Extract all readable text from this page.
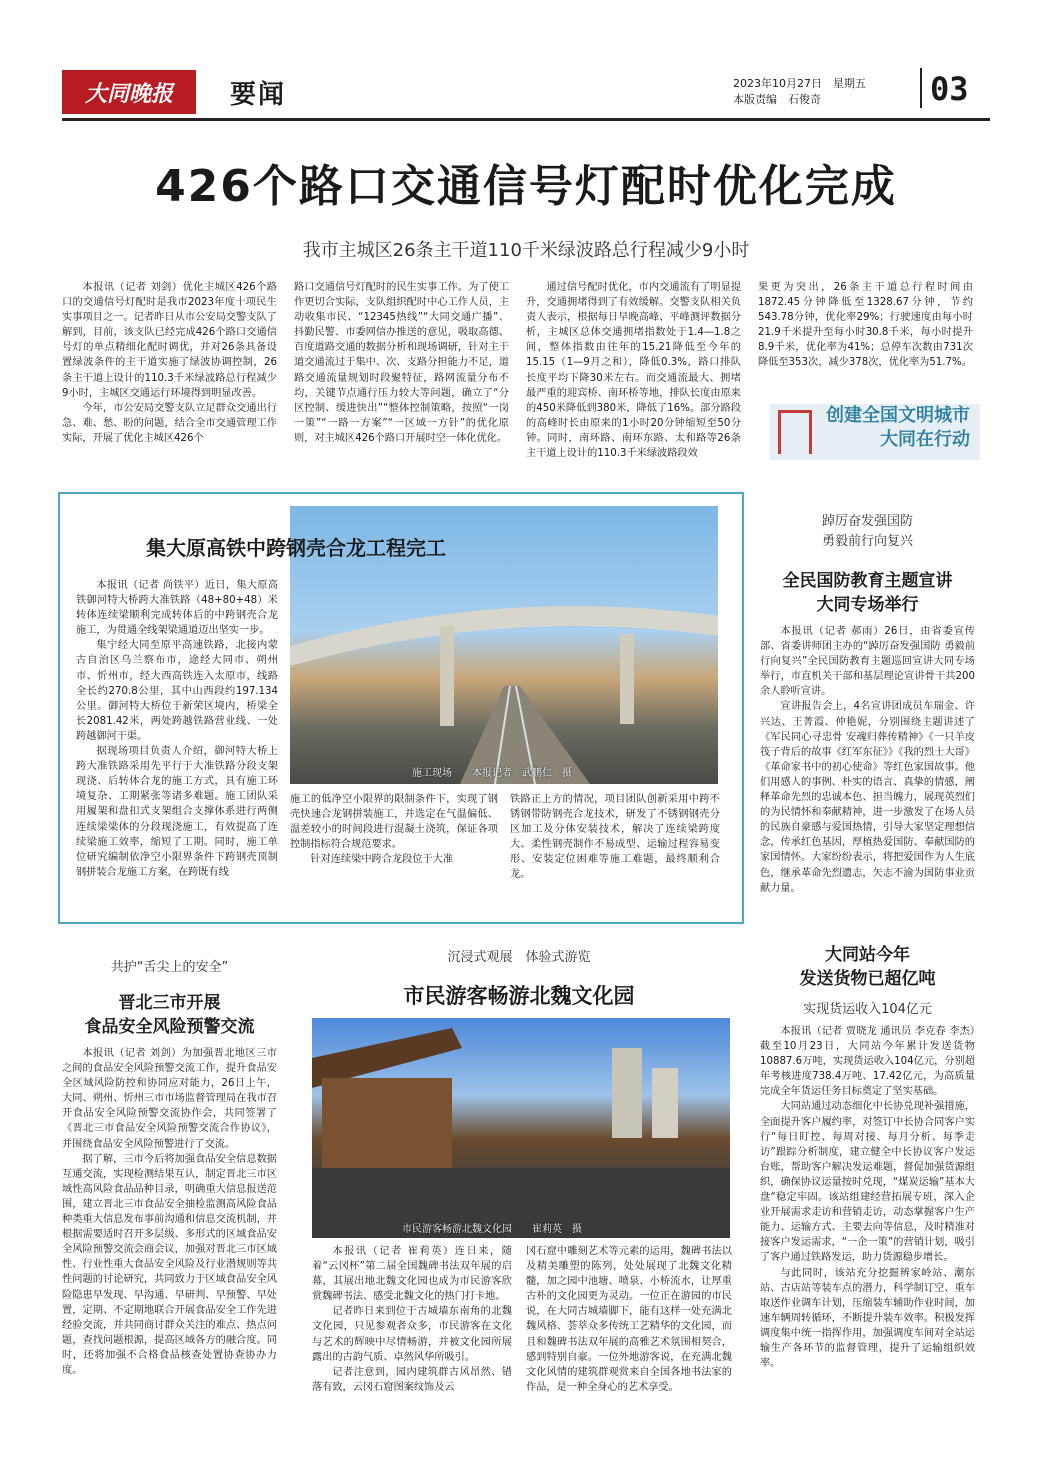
大同晚报 要闻	2023年10月27日　星期五
本版责编　石俊奇	03
426个路口交通信号灯配时优化完成
我市主城区26条主干道110千米绿波路总行程减少9小时

本报讯（记者 刘剑）优化主城区426个路口的交通信号灯配时是我市2023年度十项民生实事项目之一。记者昨日从市公安局交警支队了解到，目前，该支队已经完成426个路口交通信号灯的单点精细化配时调优，并对26条具备设置绿波条件的主干道实施了绿波协调控制，26条主干道上设计的110.3千米绿波路总行程减少9小时，主城区交通运行环境得到明显改善。

今年，市公安局交警支队立足群众交通出行急、难、愁、盼的问题，结合全市交通管理工作实际，开展了优化主城区426个

路口交通信号灯配时的民生实事工作。为了使工作更切合实际，支队组织配时中心工作人员，主动收集市民、“12345热线”“大同交通广播”、抖勤民警、市委网信办推送的意见，吸取高德、百度道路交通的数据分析和现场调研，针对主干道交通流过于集中、次、支路分担能力不足，道路交通流量规划时段聚特征，路网流量分布不均，关键节点通行压力较大等问题，确立了“分区控制、缓进快出”“整体控制策略，按照“一岗一策”“一路一方案”“一区域一方针”的优化原则，对主城区426个路口开展时空一体化优化。

通过信号配时优化，市内交通流有了明显提升，交通拥堵得到了有效缓解。交警支队相关负责人表示，根据每日早晚高峰、平峰测评数据分析，主城区总体交通拥堵指数处于1.4—1.8之间，整体指数由往年的15.21降低至今年的15.15（1—9月之和），降低0.3%，路口排队长度平均下降30米左右。而交通流最大、拥堵最严重的迎宾桥、南环桥等地，排队长度由原来的450米降低到380米，降低了16%。部分路段的高峰时长由原来的1小时20分钟缩短至50分钟。同时，南环路、南环东路、太和路等26条主干道上设计的110.3千米绿波路段效

果更为突出，26条主干道总行程时间由1872.45分钟降低至1328.67分钟，节约543.78分钟，优化率29%；行驶速度由每小时21.9千米提升至每小时30.8千米，每小时提升8.9千米，优化率为41%；总停车次数由731次降低至353次，减少378次，优化率为51.7%。

创建全国文明城市
大同在行动
集大原高铁中跨钢壳合龙工程完工
施工现场　　本报记者　武鹏仁　摄

本报讯（记者 尚铁平）近日，集大原高铁御河特大桥跨大准铁路（48+80+48）米转体连续梁顺利完成转体后的中跨钢壳合龙施工，为贯通全线架梁通道迈出坚实一步。

集宁经大同至原平高速铁路，北接内蒙古自治区乌兰察布市，途经大同市、朔州市、忻州市，经大西高铁连入太原市，线路全长约270.8公里，其中山西段约197.134公里。御河特大桥位于新荣区境内，桥梁全长2081.42米，两处跨越铁路营业线、一处跨越御河干渠。

据现场项目负责人介绍，御河特大桥上跨大准铁路采用先平行于大准铁路分段支架现浇、后转体合龙的施工方式，具有施工环境复杂、工期紧张等诸多难题。施工团队采用履架和盘扣式支架组合支撑体系进行两侧连续梁梁体的分段现浇施工，有效提高了连续梁施工效率，缩短了工期。同时，施工单位研究编制依净空小限界条件下跨钢壳顶制钢拼装合龙施工方案，在跨既有线

施工的低净空小限界的限制条件下，实现了钢壳快速合龙钢拼装施工，并选定在气温偏低、温差较小的时间段进行混凝土浇筑，保证各项控制指标符合规范要求。

针对连续梁中跨合龙段位于大准

铁路正上方的情况，项目团队创新采用中跨不锈钢带防钢壳合龙技术，研发了不锈钢钢壳分区加工及分体安装技术，解决了连续梁跨度大、柔性钢壳制作不易成型、运输过程容易变形、安装定位困难等施工难题，最终顺利合龙。

踔厉奋发强国防
勇毅前行向复兴
全民国防教育主题宣讲
大同专场举行

本报讯（记者 郝雨）26日，由省委宣传部、省委讲师团主办的“踔厉奋发强国防 勇毅前行向复兴”全民国防教育主题巡回宣讲大同专场举行，市直机关干部和基层理论宣讲骨干共200余人聆听宣讲。

宣讲报告会上，4名宣讲团成员车瑞金、许兴达、王菁霞、仲艳妮，分别围绕主题讲述了《军民同心寻忠骨 安魂归葬传精神》《一只羊皮筏子背后的故事《红军东征》》《我的烈士大哥》《革命家书中的初心使命》等红色家国故事。他们用感人的事例、朴实的语言、真挚的情感，阐释革命先烈的忠诚本色、担当魄力，展现英烈们的为民情怀和奉献精神，进一步激发了在场人员的民族自豪感与爱国热情，引导大家坚定理想信念，传承红色基因，厚植热爱国防、奉献国防的家国情怀。大家纷纷表示，将把爱国作为人生底色，继承革命先烈遗志，矢志不渝为国防事业贡献力量。

共护“舌尖上的安全”
晋北三市开展
食品安全风险预警交流

本报讯（记者 刘剑）为加强晋北地区三市之间的食品安全风险预警交流工作，提升食品安全区域风险防控和协同应对能力，26日上午，大同、朔州、忻州三市市场监督管理局在我市召开食品安全风险预警交流协作会，共同签署了《晋北三市食品安全风险预警交流合作协议》，并围绕食品安全风险预警进行了交流。

据了解，三市今后将加强食品安全信息数据互通交流，实现检测结果互认，制定晋北三市区域性高风险食品品种目录，明确重大信息报送范围，建立晋北三市食品安全抽检监测高风险食品种类重大信息发布事前沟通和信息交流机制，并根据需要适时召开多层级、多形式的区域食品安全风险预警交流会商会议，加强对晋北三市区域性、行业性重大食品安全风险及行业潜规则等共性问题的讨论研究，共同致力于区域食品安全风险隐患早发现、早沟通、早研判、早预警、早处置，定期、不定期地联合开展食品安全工作先进经验交流，并共同商讨群众关注的难点、热点问题，查找问题根源，提高区域各方的融合度。同时，还将加强不合格食品核查处置协查协办力度。

沉浸式观展　体验式游览
市民游客畅游北魏文化园
市民游客畅游北魏文化园　　崔莉英　摄

本报讯（记者 崔莉英）连日来，随着“云冈杯”第二届全国魏碑书法双年展的启幕，其展出地北魏文化园也成为市民游客欣赏魏碑书法、感受北魏文化的热门打卡地。

记者昨日来到位于古城墙东南角的北魏文化园，只见参观者众多，市民游客在文化与艺术的辉映中尽情畅游，并被文化园所展露出的古韵气质、卓然风华所吸引。

记者注意到，园内建筑群古风昂然、错落有致，云冈石窟图案纹饰及云

冈石窟中雕刻艺术等元素的运用，魏碑书法以及精美雕塑的陈列，处处展现了北魏文化精髓，加之园中池塘、喷泉、小桥流水，让厚重古朴的文化园更为灵动。一位正在游园的市民说，在大同古城墙脚下，能有这样一处充满北魏风格、荟萃众多传统工艺精华的文化园，而且和魏碑书法双年展的高雅艺术氛围相契合，感到特别自豪。一位外地游客说，在充满北魏文化风情的建筑群观赏来自全国各地书法家的作品，是一种全身心的艺术享受。

大同站今年
发送货物已超亿吨
实现货运收入104亿元

本报讯（记者 贾晓龙 通讯员 李克春 李杰）截至10月23日，大同站今年累计发送货物10887.6万吨，实现货运收入104亿元，分别超年考核进度738.4万吨、17.42亿元，为高质量完成全年货运任务目标奠定了坚实基础。

大同站通过动态细化中长协兑现补强措施，全面提升客户履约率，对签订中长协合同客户实行“每日盯控、每周对接、每月分析、每季走访”跟踪分析制度，建立健全中长协议客户发运台账，帮助客户解决发运难题，督促加强货源组织，确保协议运量按时兑现，“煤炭运输”基本大盘“稳定牢固。该站组建经营拓展专班，深入企业开展需求走访和营销走访，动态掌握客户生产能力、运输方式、主要去向等信息，及时精准对接客户发运需求，“一企一策”的营销计划，吸引了客户通过铁路发运，助力货源稳步增长。

与此同时，该站充分挖掘辨家岭站、潮东站、古店站等装车点的潜力，科学制订空、重车取送作业调车计划，压缩装车辅助作业时间，加速车辆周转循环，不断提升装车效率。积极发挥调度集中统一指挥作用，加强调度车间对全站运输生产各环节的监督管理，提升了运输组织效率。
